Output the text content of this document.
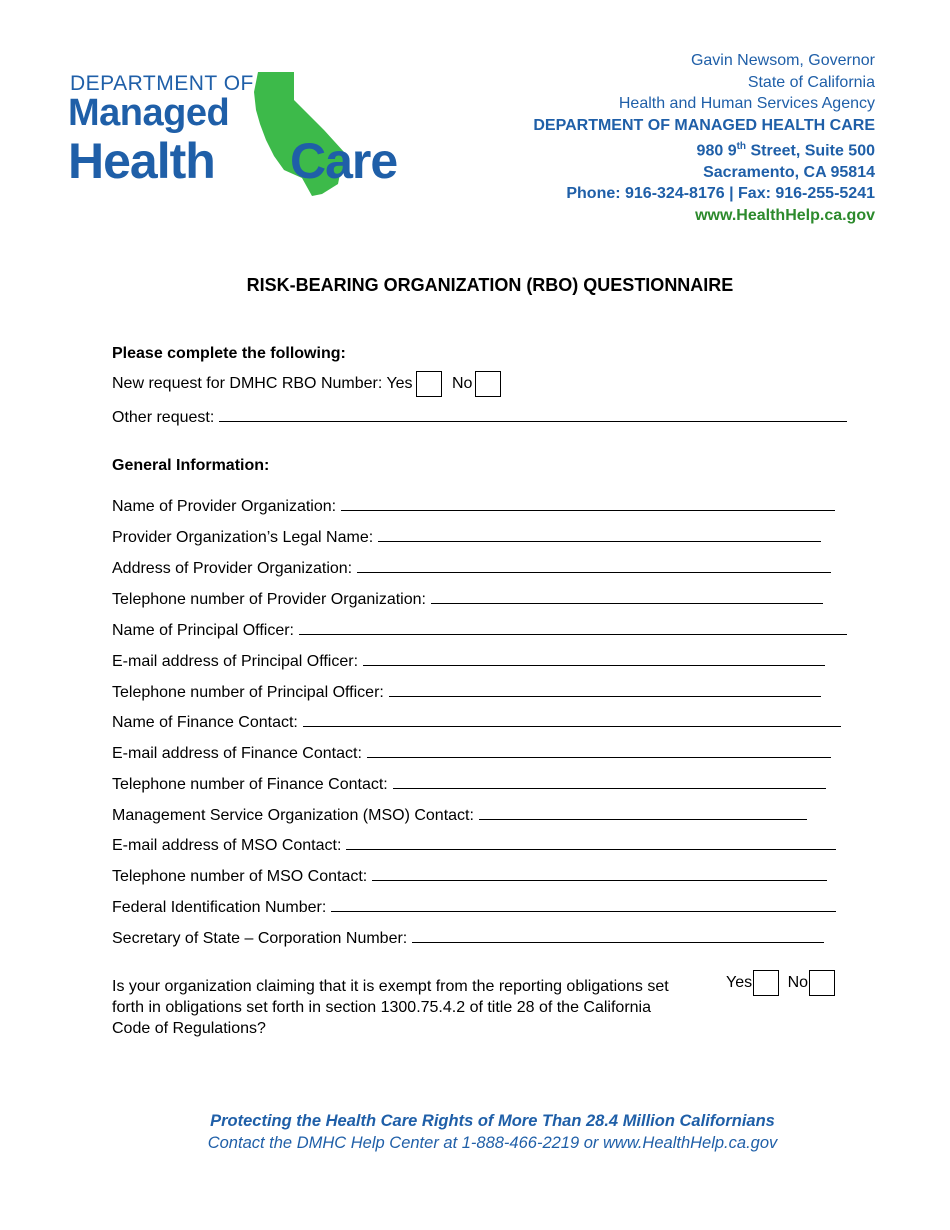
DEPARTMENT OF
Managed
Health Care
Gavin Newsom, Governor
State of California
Health and Human Services Agency
DEPARTMENT OF MANAGED HEALTH CARE
980 9th Street, Suite 500
Sacramento, CA 95814
Phone: 916-324-8176 | Fax: 916-255-5241
www.HealthHelp.ca.gov
RISK-BEARING ORGANIZATION (RBO) QUESTIONNAIRE
Please complete the following:
New request for DMHC RBO Number: Yes No
Other request:
General Information:
Name of Provider Organization:
Provider Organization’s Legal Name:
Address of Provider Organization:
Telephone number of Provider Organization:
Name of Principal Officer:
E-mail address of Principal Officer:
Telephone number of Principal Officer:
Name of Finance Contact:
E-mail address of Finance Contact:
Telephone number of Finance Contact:
Management Service Organization (MSO) Contact:
E-mail address of MSO Contact:
Telephone number of MSO Contact:
Federal Identification Number:
Secretary of State – Corporation Number:
Is your organization claiming that it is exempt from the reporting obligations set forth in obligations set forth in section 1300.75.4.2 of title 28 of the California Code of Regulations?
Yes No
Protecting the Health Care Rights of More Than 28.4 Million Californians
Contact the DMHC Help Center at 1-888-466-2219 or www.HealthHelp.ca.gov
